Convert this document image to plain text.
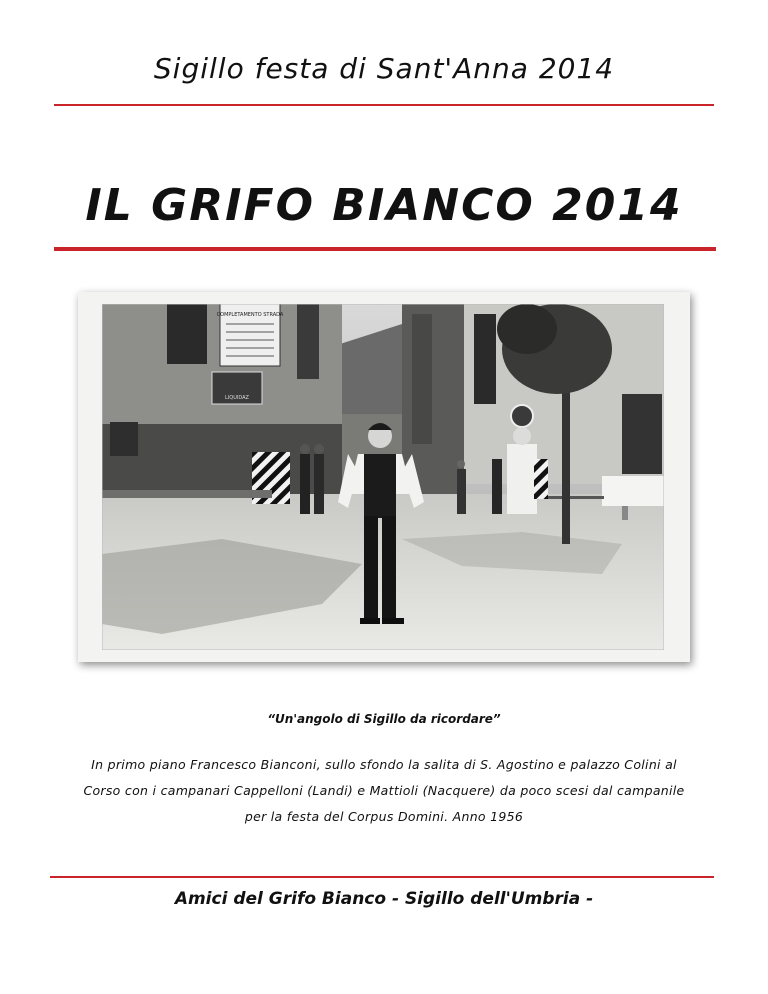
Sigillo festa di Sant'Anna 2014
IL GRIFO BIANCO 2014
COMPLETAMENTO STRADA
LIQUIDAZ
“Un'angolo di Sigillo da ricordare”
In primo piano Francesco Bianconi, sullo sfondo la salita di S. Agostino e palazzo Colini al
Corso con i campanari Cappelloni (Landi) e Mattioli (Nacquere) da poco scesi dal campanile
per la festa del Corpus Domini. Anno 1956
Amici del Grifo Bianco - Sigillo dell'Umbria -
